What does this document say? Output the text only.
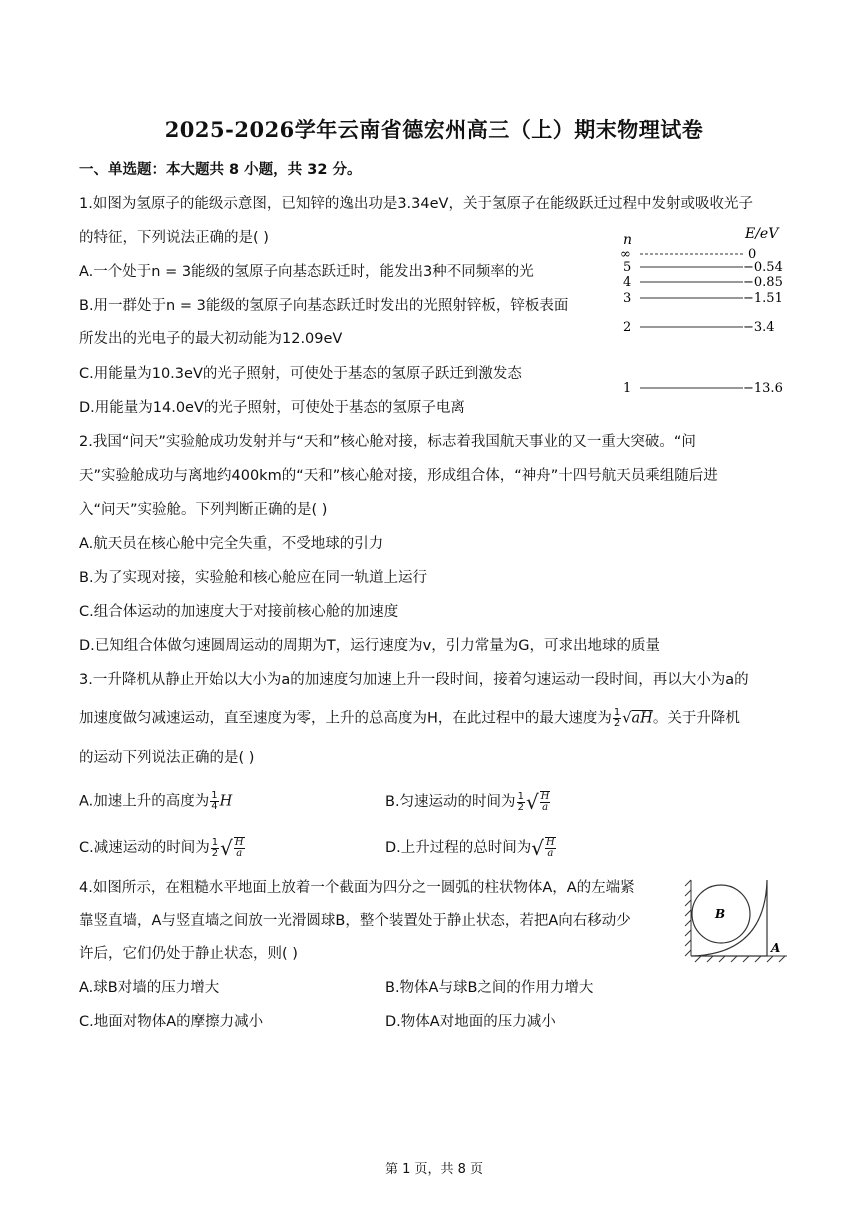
2025-2026学年云南省德宏州高三（上）期末物理试卷
一、单选题：本大题共 8 小题，共 32 分。
1.如图为氢原子的能级示意图，已知锌的逸出功是3.34eV，关于氢原子在能级跃迁过程中发射或吸收光子
的特征，下列说法正确的是( )
A.一个处于n = 3能级的氢原子向基态跃迁时，能发出3种不同频率的光
B.用一群处于n = 3能级的氢原子向基态跃迁时发出的光照射锌板，锌板表面
所发出的光电子的最大初动能为12.09eV
C.用能量为10.3eV的光子照射，可使处于基态的氢原子跃迁到激发态
D.用能量为14.0eV的光子照射，可使处于基态的氢原子电离
n	E/eV
∞	0
5	−0.54
4	−0.85
3	−1.51
2	−3.4
1	−13.6
2.我国“问天”实验舱成功发射并与“天和”核心舱对接，标志着我国航天事业的又一重大突破。“问
天”实验舱成功与离地约400km的“天和”核心舱对接，形成组合体，“神舟”十四号航天员乘组随后进
入“问天”实验舱。下列判断正确的是( )
A.航天员在核心舱中完全失重，不受地球的引力
B.为了实现对接，实验舱和核心舱应在同一轨道上运行
C.组合体运动的加速度大于对接前核心舱的加速度
D.已知组合体做匀速圆周运动的周期为T，运行速度为v，引力常量为G，可求出地球的质量
3.一升降机从静止开始以大小为a的加速度匀加速上升一段时间，接着匀速运动一段时间，再以大小为a的
加速度做匀减速运动，直至速度为零，上升的总高度为H，在此过程中的最大速度为 $\frac{1}{2} √aH$。关于升降机
的运动下列说法正确的是( )
A.加速上升的高度为 $\frac{1}{4}$ H	B.匀速运动的时间为 $\frac{1}{2}$ √ $\frac{H}{a}$
C.减速运动的时间为 $\frac{1}{2}$ √ $\frac{H}{a}$	D.上升过程的总时间为√ $\frac{H}{a}$
4.如图所示，在粗糙水平地面上放着一个截面为四分之一圆弧的柱状物体A，A的左端紧
靠竖直墙，A与竖直墙之间放一光滑圆球B，整个装置处于静止状态，若把A向右移动少
许后，它们仍处于静止状态，则( )
A.球B对墙的压力增大	B.物体A与球B之间的作用力增大
C.地面对物体A的摩擦力减小	D.物体A对地面的压力减小
B
A
第 1 页，共 8 页
